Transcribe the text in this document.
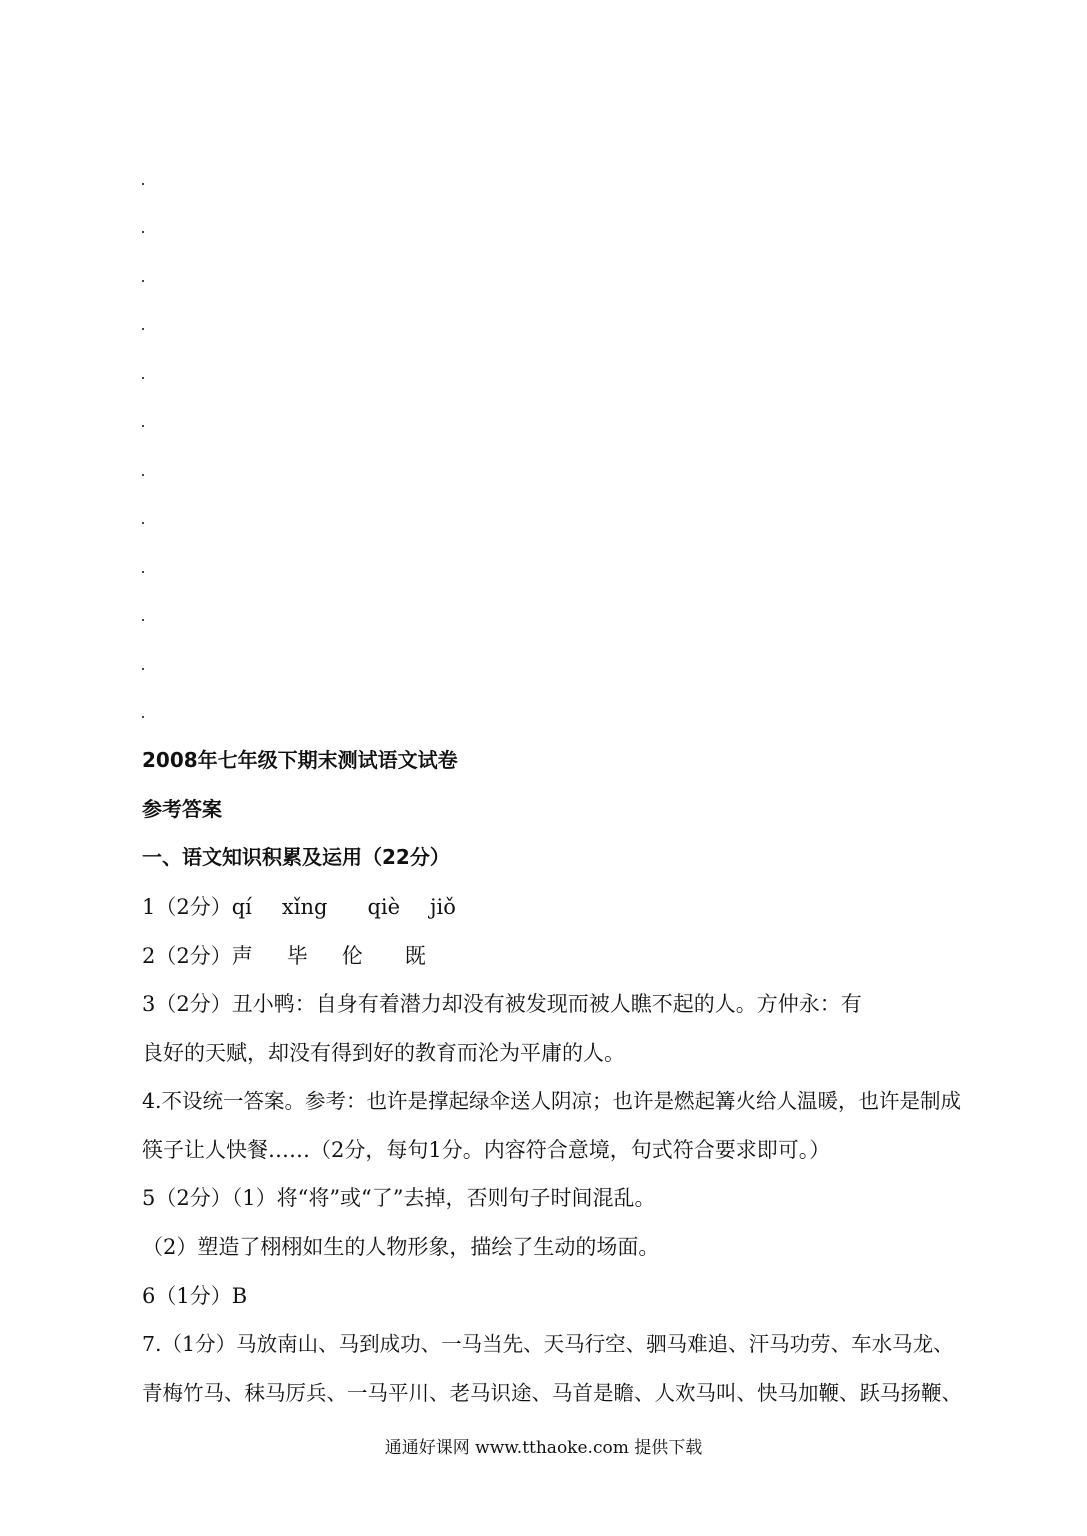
2008年七年级下期末测试语文试卷
参考答案
一、语文知识积累及运用（22分）
1（2分）qí xǐng qiè jiǒ
2（2分）声 毕 伦 既
3（2分）丑小鸭：自身有着潜力却没有被发现而被人瞧不起的人。方仲永：有
良好的天赋，却没有得到好的教育而沦为平庸的人。
4.不设统一答案。参考：也许是撑起绿伞送人阴凉；也许是燃起篝火给人温暖，也许是制成
筷子让人快餐……（2分，每句1分。内容符合意境，句式符合要求即可。）
5（2分）（1）将“将”或“了”去掉，否则句子时间混乱。
（2）塑造了栩栩如生的人物形象，描绘了生动的场面。
6（1分）B
7.（1分）马放南山、马到成功、一马当先、天马行空、驷马难追、汗马功劳、车水马龙、
青梅竹马、秣马厉兵、一马平川、老马识途、马首是瞻、人欢马叫、快马加鞭、跃马扬鞭、
通通好课网 www.tthaoke.com 提供下载
